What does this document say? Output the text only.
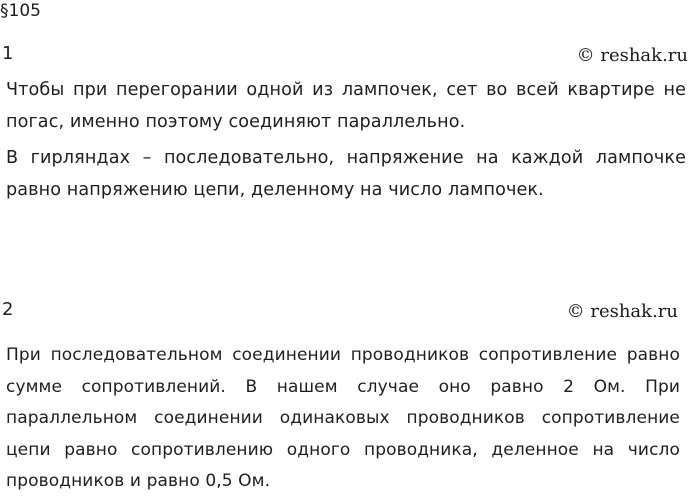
§105
1	© reshak.ru

Чтобы при перегорании одной из лампочек, сет во всей квартире не погас, именно поэтому соединяют параллельно.

В гирляндах – последовательно, напряжение на каждой лампочке равно напряжению цепи, деленному на число лампочек.

2	© reshak.ru

При последовательном соединении проводников сопротивление равно сумме сопротивлений. В нашем случае оно равно 2 Ом. При параллельном соединении одинаковых проводников сопротивление цепи равно сопротивлению одного проводника, деленное на число проводников и равно 0,5 Ом.
